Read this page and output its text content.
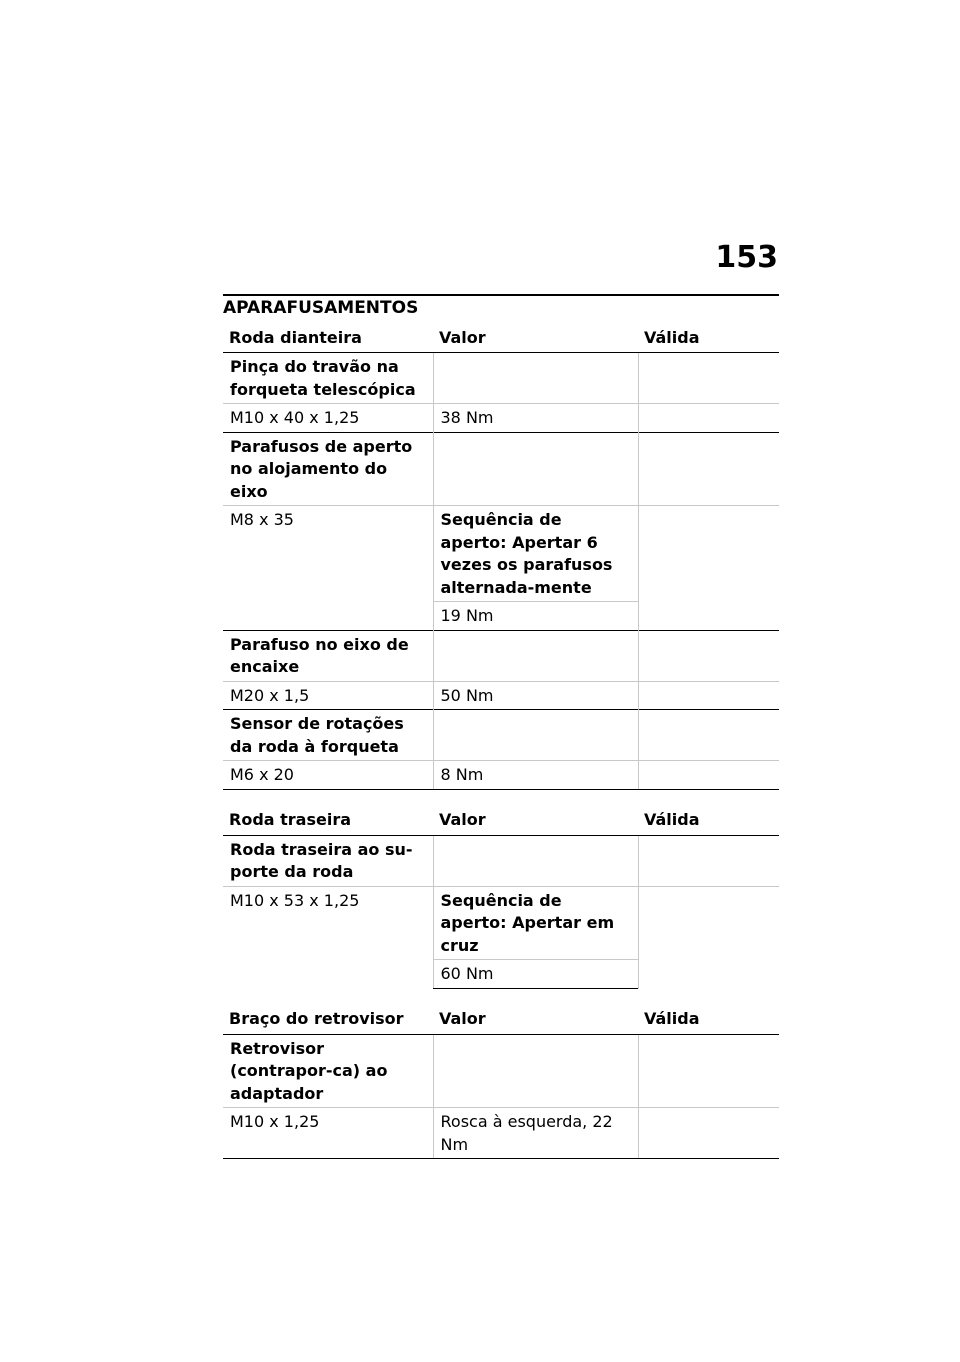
153
APARAFUSAMENTOS
Roda dianteira	Valor	Válida
Pinça do travão na forqueta telescópica		
M10 x 40 x 1,25	38 Nm	
Parafusos de aperto no alojamento do eixo		
M8 x 35	Sequência de aperto: Apertar 6 vezes os parafusos alternada-mente	
	19 Nm	
Parafuso no eixo de encaixe		
M20 x 1,5	50 Nm	
Sensor de rotações da roda à forqueta		
M6 x 20	8 Nm	
Roda traseira	Valor	Válida
Roda traseira ao su-porte da roda		
M10 x 53 x 1,25	Sequência de aperto: Apertar em cruz	
	60 Nm	
Braço do retrovisor	Valor	Válida
Retrovisor (contrapor-ca) ao adaptador		
M10 x 1,25	Rosca à esquerda, 22 Nm	
